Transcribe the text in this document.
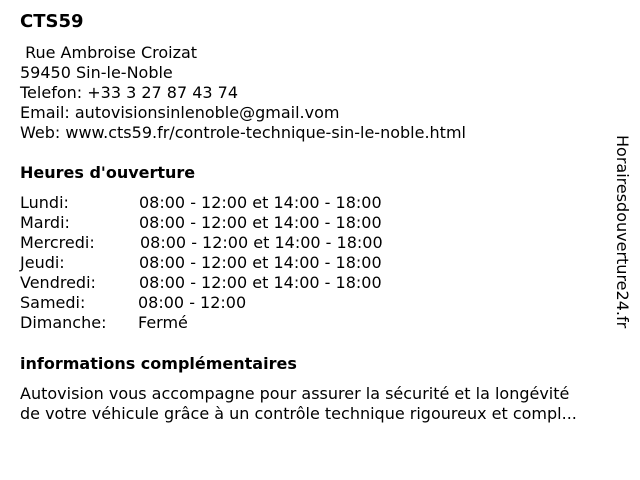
CTS59
Rue Ambroise Croizat
59450 Sin-le-Noble
Telefon: +33 3 27 87 43 74
Email: autovisionsinlenoble@gmail.vom
Web: www.cts59.fr/controle-technique-sin-le-noble.html
Heures d'ouverture
Lundi:	08:00 - 12:00 et 14:00 - 18:00
Mardi:	08:00 - 12:00 et 14:00 - 18:00
Mercredi:	08:00 - 12:00 et 14:00 - 18:00
Jeudi:	08:00 - 12:00 et 14:00 - 18:00
Vendredi:	08:00 - 12:00 et 14:00 - 18:00
Samedi:	08:00 - 12:00
Dimanche: Fermé
informations complémentaires
Autovision vous accompagne pour assurer la sécurité et la longévité
de votre véhicule grâce à un contrôle technique rigoureux et compl...
Horairesdouverture24.fr
